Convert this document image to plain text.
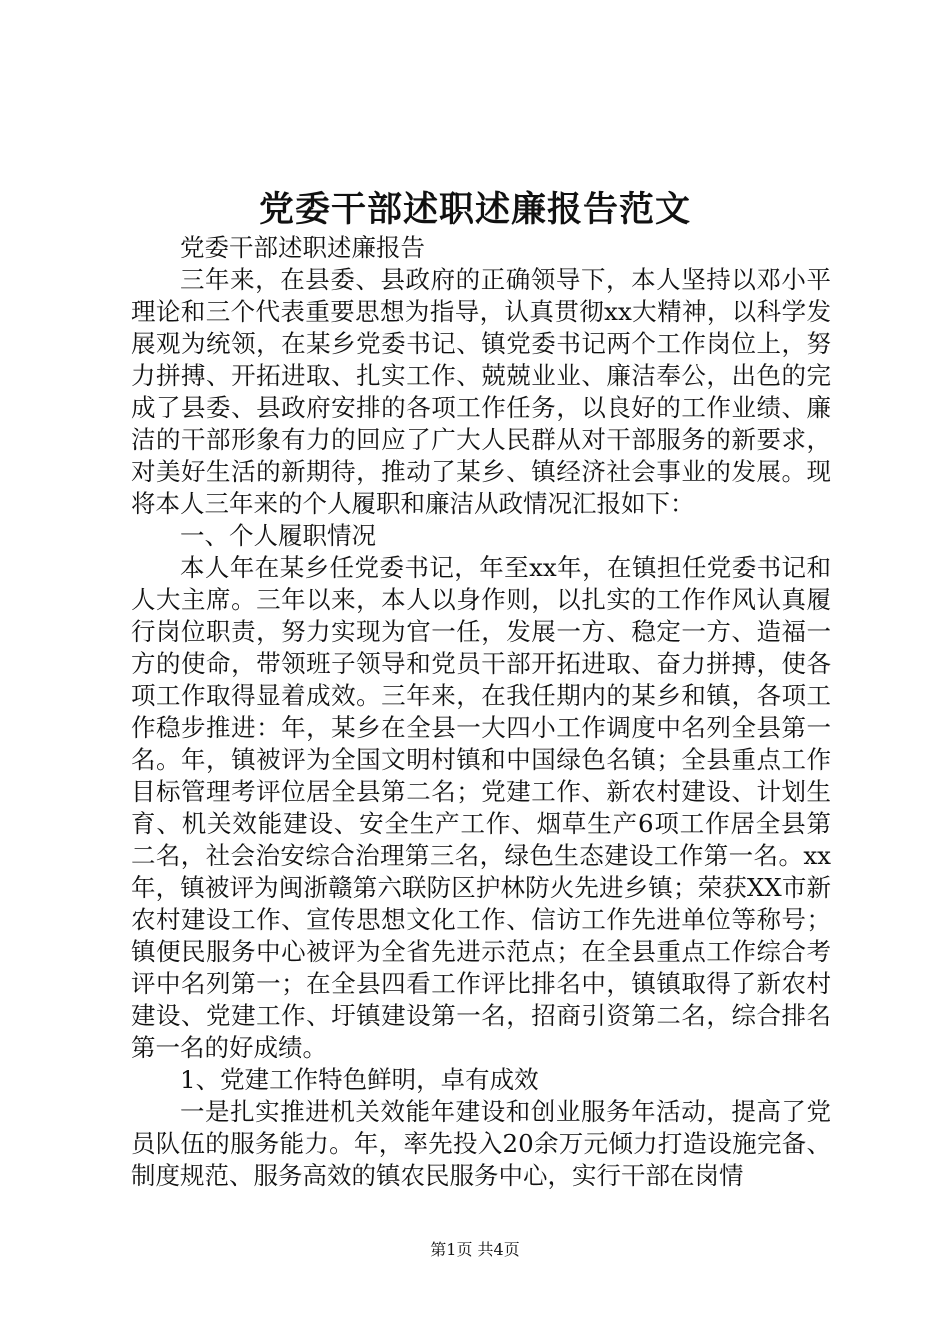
党委干部述职述廉报告范文

党委干部述职述廉报告

三年来，在县委、县政府的正确领导下，本人坚持以邓小平理论和三个代表重要思想为指导，认真贯彻xx大精神，以科学发展观为统领，在某乡党委书记、镇党委书记两个工作岗位上，努力拼搏、开拓进取、扎实工作、兢兢业业、廉洁奉公，出色的完成了县委、县政府安排的各项工作任务，以良好的工作业绩、廉洁的干部形象有力的回应了广大人民群从对干部服务的新要求，对美好生活的新期待，推动了某乡、镇经济社会事业的发展。现将本人三年来的个人履职和廉洁从政情况汇报如下：

一、个人履职情况

本人年在某乡任党委书记，年至xx年，在镇担任党委书记和人大主席。三年以来，本人以身作则，以扎实的工作作风认真履行岗位职责，努力实现为官一任，发展一方、稳定一方、造福一方的使命，带领班子领导和党员干部开拓进取、奋力拼搏，使各项工作取得显着成效。三年来，在我任期内的某乡和镇，各项工作稳步推进：年，某乡在全县一大四小工作调度中名列全县第一名。年，镇被评为全国文明村镇和中国绿色名镇；全县重点工作目标管理考评位居全县第二名；党建工作、新农村建设、计划生育、机关效能建设、安全生产工作、烟草生产6项工作居全县第二名，社会治安综合治理第三名，绿色生态建设工作第一名。xx年，镇被评为闽浙赣第六联防区护林防火先进乡镇；荣获XX市新农村建设工作、宣传思想文化工作、信访工作先进单位等称号；镇便民服务中心被评为全省先进示范点；在全县重点工作综合考评中名列第一；在全县四看工作评比排名中，镇镇取得了新农村建设、党建工作、圩镇建设第一名，招商引资第二名，综合排名第一名的好成绩。

1、党建工作特色鲜明，卓有成效

一是扎实推进机关效能年建设和创业服务年活动，提高了党员队伍的服务能力。年，率先投入20余万元倾力打造设施完备、制度规范、服务高效的镇农民服务中心，实行干部在岗情

第1页 共4页
